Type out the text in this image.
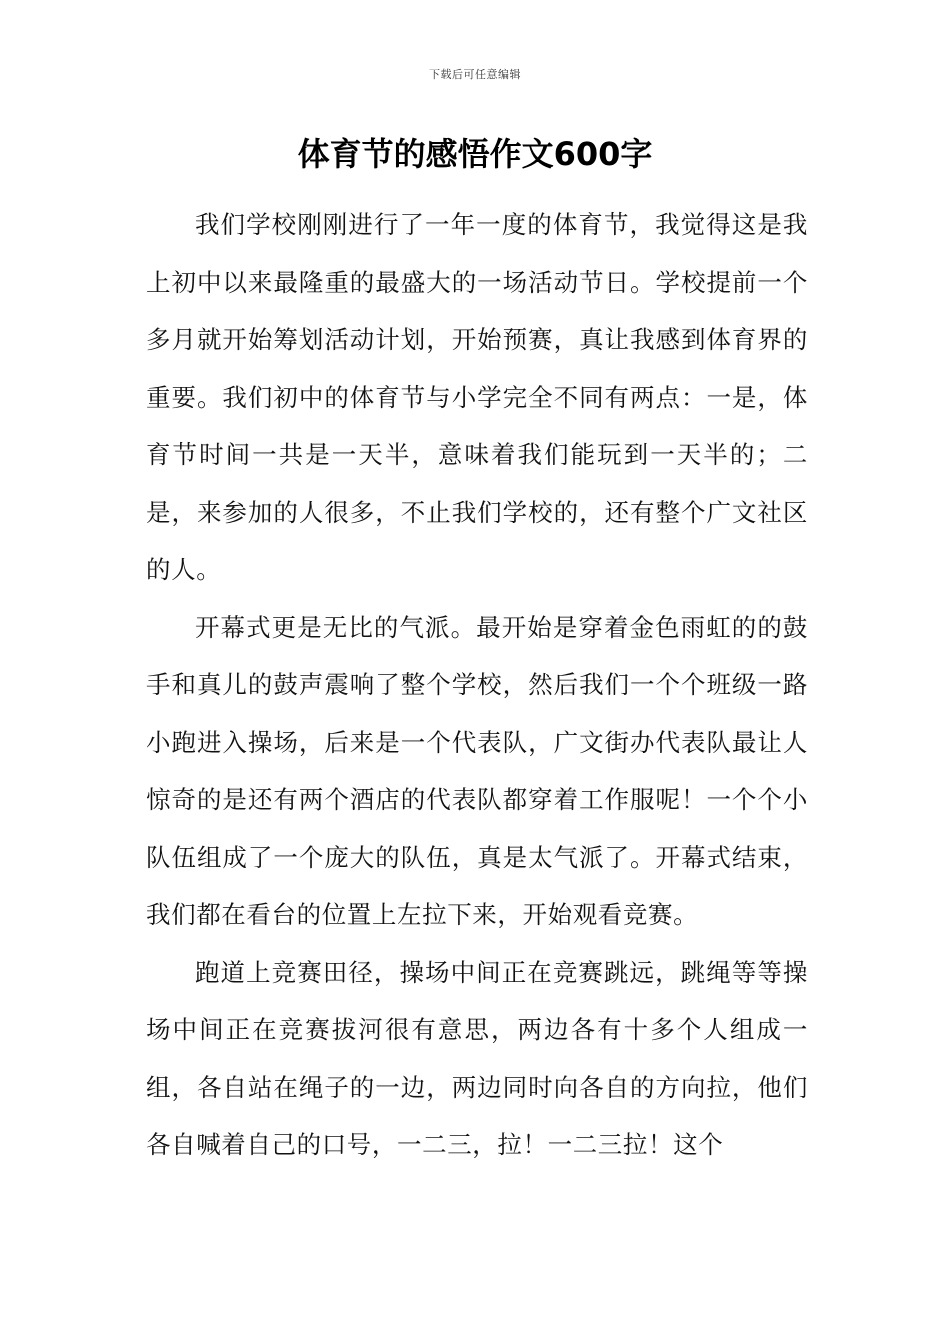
下载后可任意编辑
体育节的感悟作文600字

我们学校刚刚进行了一年一度的体育节，我觉得这是我上初中以来最隆重的最盛大的一场活动节日。学校提前一个多月就开始筹划活动计划，开始预赛，真让我感到体育界的重要。我们初中的体育节与小学完全不同有两点：一是，体育节时间一共是一天半，意味着我们能玩到一天半的；二是，来参加的人很多，不止我们学校的，还有整个广文社区的人。

开幕式更是无比的气派。最开始是穿着金色雨虹的的鼓手和真儿的鼓声震响了整个学校，然后我们一个个班级一路小跑进入操场，后来是一个代表队，广文街办代表队最让人惊奇的是还有两个酒店的代表队都穿着工作服呢！一个个小队伍组成了一个庞大的队伍，真是太气派了。开幕式结束，我们都在看台的位置上左拉下来，开始观看竞赛。

跑道上竞赛田径，操场中间正在竞赛跳远，跳绳等等操场中间正在竞赛拔河很有意思，两边各有十多个人组成一组，各自站在绳子的一边，两边同时向各自的方向拉，他们各自喊着自己的口号，一二三，拉！一二三拉！这个
